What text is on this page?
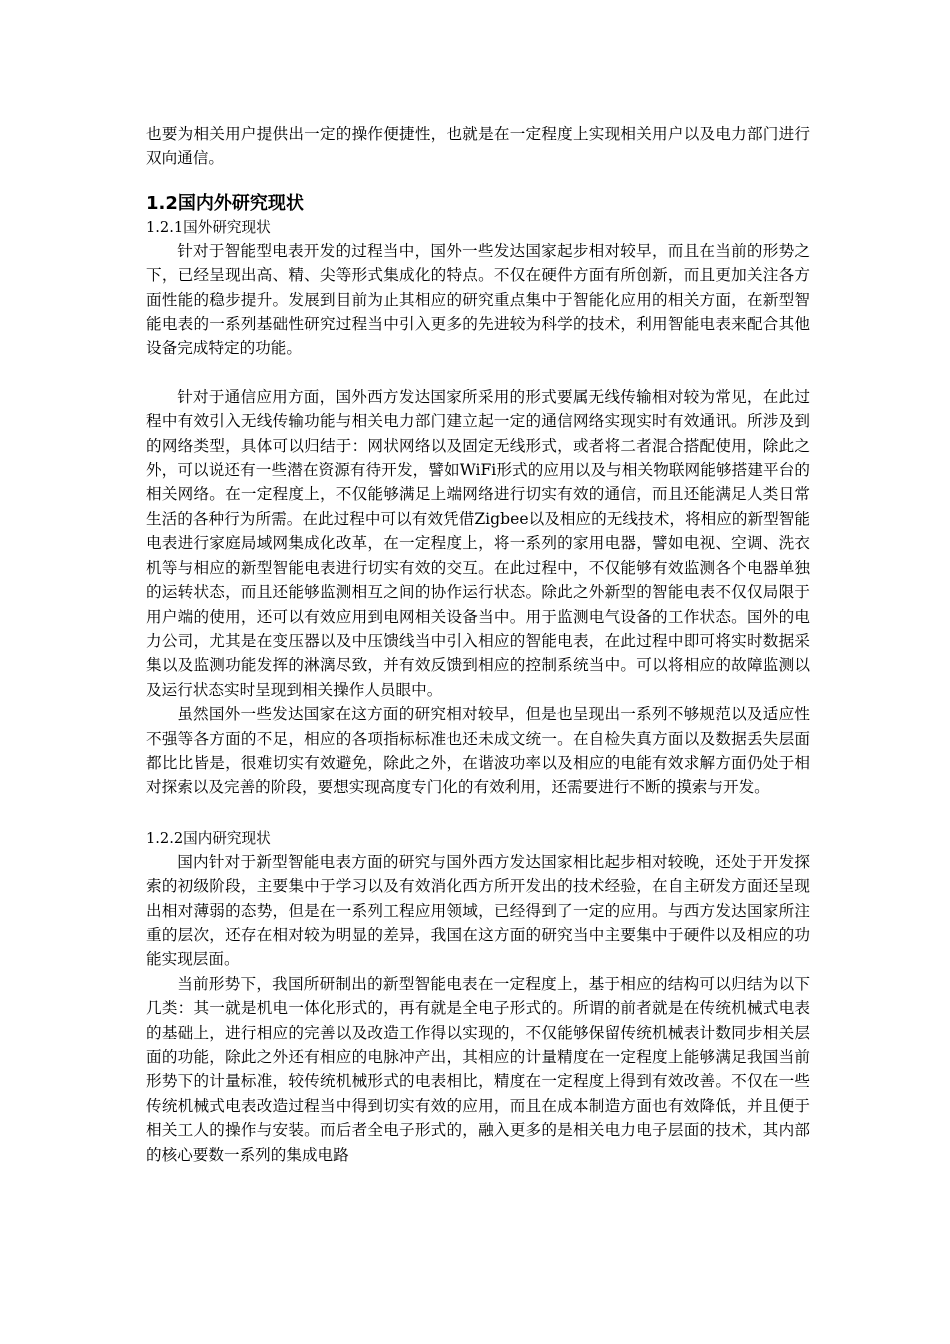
也要为相关用户提供出一定的操作便捷性，也就是在一定程度上实现相关用户以及电力部门进行双向通信。

1.2国内外研究现状
1.2.1国外研究现状

针对于智能型电表开发的过程当中，国外一些发达国家起步相对较早，而且在当前的形势之下，已经呈现出高、精、尖等形式集成化的特点。不仅在硬件方面有所创新，而且更加关注各方面性能的稳步提升。发展到目前为止其相应的研究重点集中于智能化应用的相关方面，在新型智能电表的一系列基础性研究过程当中引入更多的先进较为科学的技术，利用智能电表来配合其他设备完成特定的功能。

针对于通信应用方面，国外西方发达国家所采用的形式要属无线传输相对较为常见，在此过程中有效引入无线传输功能与相关电力部门建立起一定的通信网络实现实时有效通讯。所涉及到的网络类型，具体可以归结于：网状网络以及固定无线形式，或者将二者混合搭配使用，除此之外，可以说还有一些潜在资源有待开发，譬如WiFi形式的应用以及与相关物联网能够搭建平台的相关网络。在一定程度上，不仅能够满足上端网络进行切实有效的通信，而且还能满足人类日常生活的各种行为所需。在此过程中可以有效凭借Zigbee以及相应的无线技术，将相应的新型智能电表进行家庭局域网集成化改革，在一定程度上，将一系列的家用电器，譬如电视、空调、洗衣机等与相应的新型智能电表进行切实有效的交互。在此过程中，不仅能够有效监测各个电器单独的运转状态，而且还能够监测相互之间的协作运行状态。除此之外新型的智能电表不仅仅局限于用户端的使用，还可以有效应用到电网相关设备当中。用于监测电气设备的工作状态。国外的电力公司，尤其是在变压器以及中压馈线当中引入相应的智能电表，在此过程中即可将实时数据采集以及监测功能发挥的淋漓尽致，并有效反馈到相应的控制系统当中。可以将相应的故障监测以及运行状态实时呈现到相关操作人员眼中。

虽然国外一些发达国家在这方面的研究相对较早，但是也呈现出一系列不够规范以及适应性不强等各方面的不足，相应的各项指标标准也还未成文统一。在自检失真方面以及数据丢失层面都比比皆是，很难切实有效避免，除此之外，在谐波功率以及相应的电能有效求解方面仍处于相对探索以及完善的阶段，要想实现高度专门化的有效利用，还需要进行不断的摸索与开发。

1.2.2国内研究现状

国内针对于新型智能电表方面的研究与国外西方发达国家相比起步相对较晚，还处于开发探索的初级阶段，主要集中于学习以及有效消化西方所开发出的技术经验，在自主研发方面还呈现出相对薄弱的态势，但是在一系列工程应用领域，已经得到了一定的应用。与西方发达国家所注重的层次，还存在相对较为明显的差异，我国在这方面的研究当中主要集中于硬件以及相应的功能实现层面。

当前形势下，我国所研制出的新型智能电表在一定程度上，基于相应的结构可以归结为以下几类：其一就是机电一体化形式的，再有就是全电子形式的。所谓的前者就是在传统机械式电表的基础上，进行相应的完善以及改造工作得以实现的，不仅能够保留传统机械表计数同步相关层面的功能，除此之外还有相应的电脉冲产出，其相应的计量精度在一定程度上能够满足我国当前形势下的计量标准，较传统机械形式的电表相比，精度在一定程度上得到有效改善。不仅在一些传统机械式电表改造过程当中得到切实有效的应用，而且在成本制造方面也有效降低，并且便于相关工人的操作与安装。而后者全电子形式的，融入更多的是相关电力电子层面的技术，其内部的核心要数一系列的集成电路
